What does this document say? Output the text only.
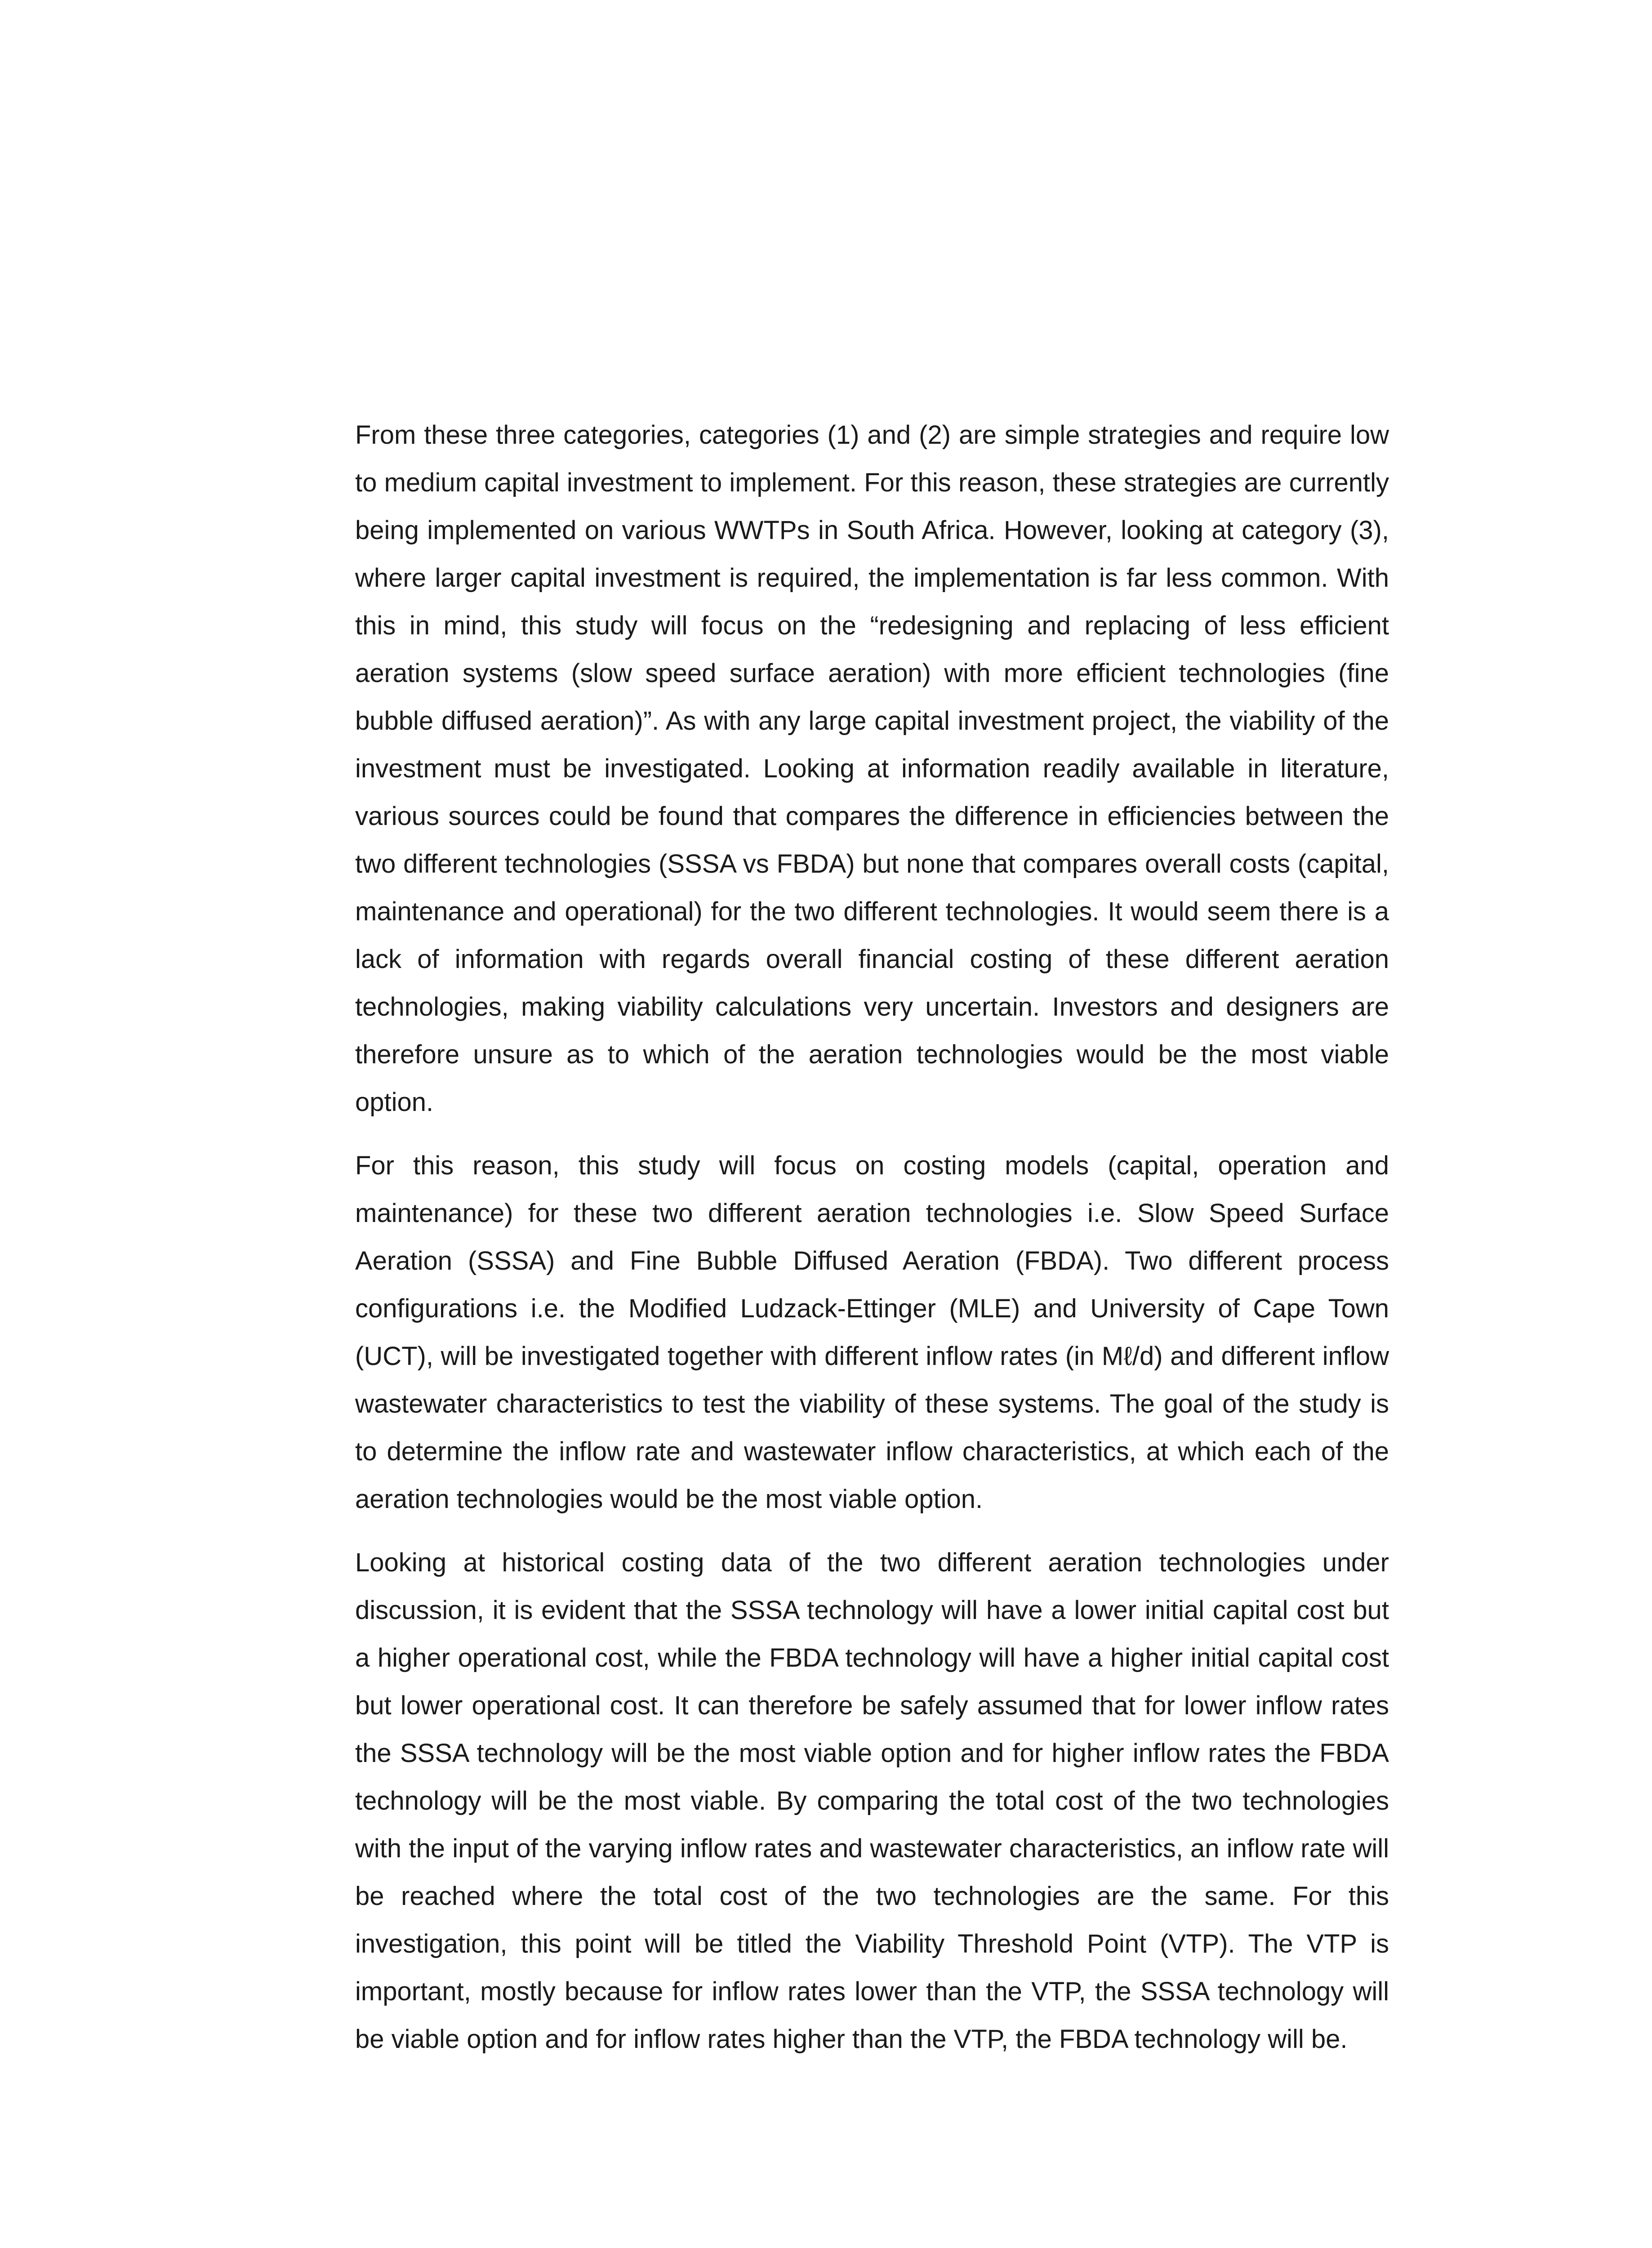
From these three categories, categories (1) and (2) are simple strategies and require low to medium capital investment to implement. For this reason, these strategies are currently being implemented on various WWTPs in South Africa. However, looking at category (3), where larger capital investment is required, the implementation is far less common. With this in mind, this study will focus on the “redesigning and replacing of less efficient aeration systems (slow speed surface aeration) with more efficient technologies (fine bubble diffused aeration)”. As with any large capital investment project, the viability of the investment must be investigated. Looking at information readily available in literature, various sources could be found that compares the difference in efficiencies between the two different technologies (SSSA vs FBDA) but none that compares overall costs (capital, maintenance and operational) for the two different technologies. It would seem there is a lack of information with regards overall financial costing of these different aeration technologies, making viability calculations very uncertain. Investors and designers are therefore unsure as to which of the aeration technologies would be the most viable option.

For this reason, this study will focus on costing models (capital, operation and maintenance) for these two different aeration technologies i.e. Slow Speed Surface Aeration (SSSA) and Fine Bubble Diffused Aeration (FBDA). Two different process configurations i.e. the Modified Ludzack-Ettinger (MLE) and University of Cape Town (UCT), will be investigated together with different inflow rates (in Mℓ/d) and different inflow wastewater characteristics to test the viability of these systems. The goal of the study is to determine the inflow rate and wastewater inflow characteristics, at which each of the aeration technologies would be the most viable option.

Looking at historical costing data of the two different aeration technologies under discussion, it is evident that the SSSA technology will have a lower initial capital cost but a higher operational cost, while the FBDA technology will have a higher initial capital cost but lower operational cost. It can therefore be safely assumed that for lower inflow rates the SSSA technology will be the most viable option and for higher inflow rates the FBDA technology will be the most viable. By comparing the total cost of the two technologies with the input of the varying inflow rates and wastewater characteristics, an inflow rate will be reached where the total cost of the two technologies are the same. For this investigation, this point will be titled the Viability Threshold Point (VTP). The VTP is important, mostly because for inflow rates lower than the VTP, the SSSA technology will be viable option and for inflow rates higher than the VTP, the FBDA technology will be.
